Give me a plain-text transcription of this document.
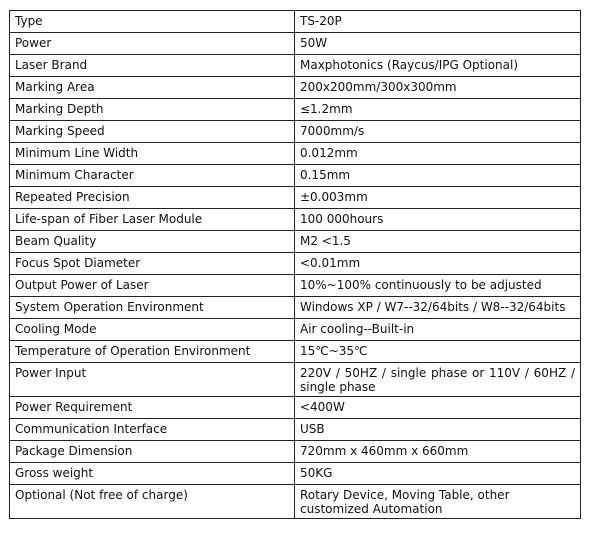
Type	TS-20P
Power	50W
Laser Brand	Maxphotonics (Raycus/IPG Optional)
Marking Area	200x200mm/300x300mm
Marking Depth	≤1.2mm
Marking Speed	7000mm/s
Minimum Line Width	0.012mm
Minimum Character	0.15mm
Repeated Precision	±0.003mm
Life-span of Fiber Laser Module	100 000hours
Beam Quality	M2 <1.5
Focus Spot Diameter	<0.01mm
Output Power of Laser	10%~100% continuously to be adjusted
System Operation Environment	Windows XP / W7--32/64bits / W8--32/64bits
Cooling Mode	Air cooling--Built-in
Temperature of Operation Environment	15℃~35℃
Power Input	220V / 50HZ / single phase or 110V / 60HZ / single phase
Power Requirement	<400W
Communication Interface	USB
Package Dimension	720mm x 460mm x 660mm
Gross weight	50KG
Optional (Not free of charge)	Rotary Device, Moving Table, other customized Automation
